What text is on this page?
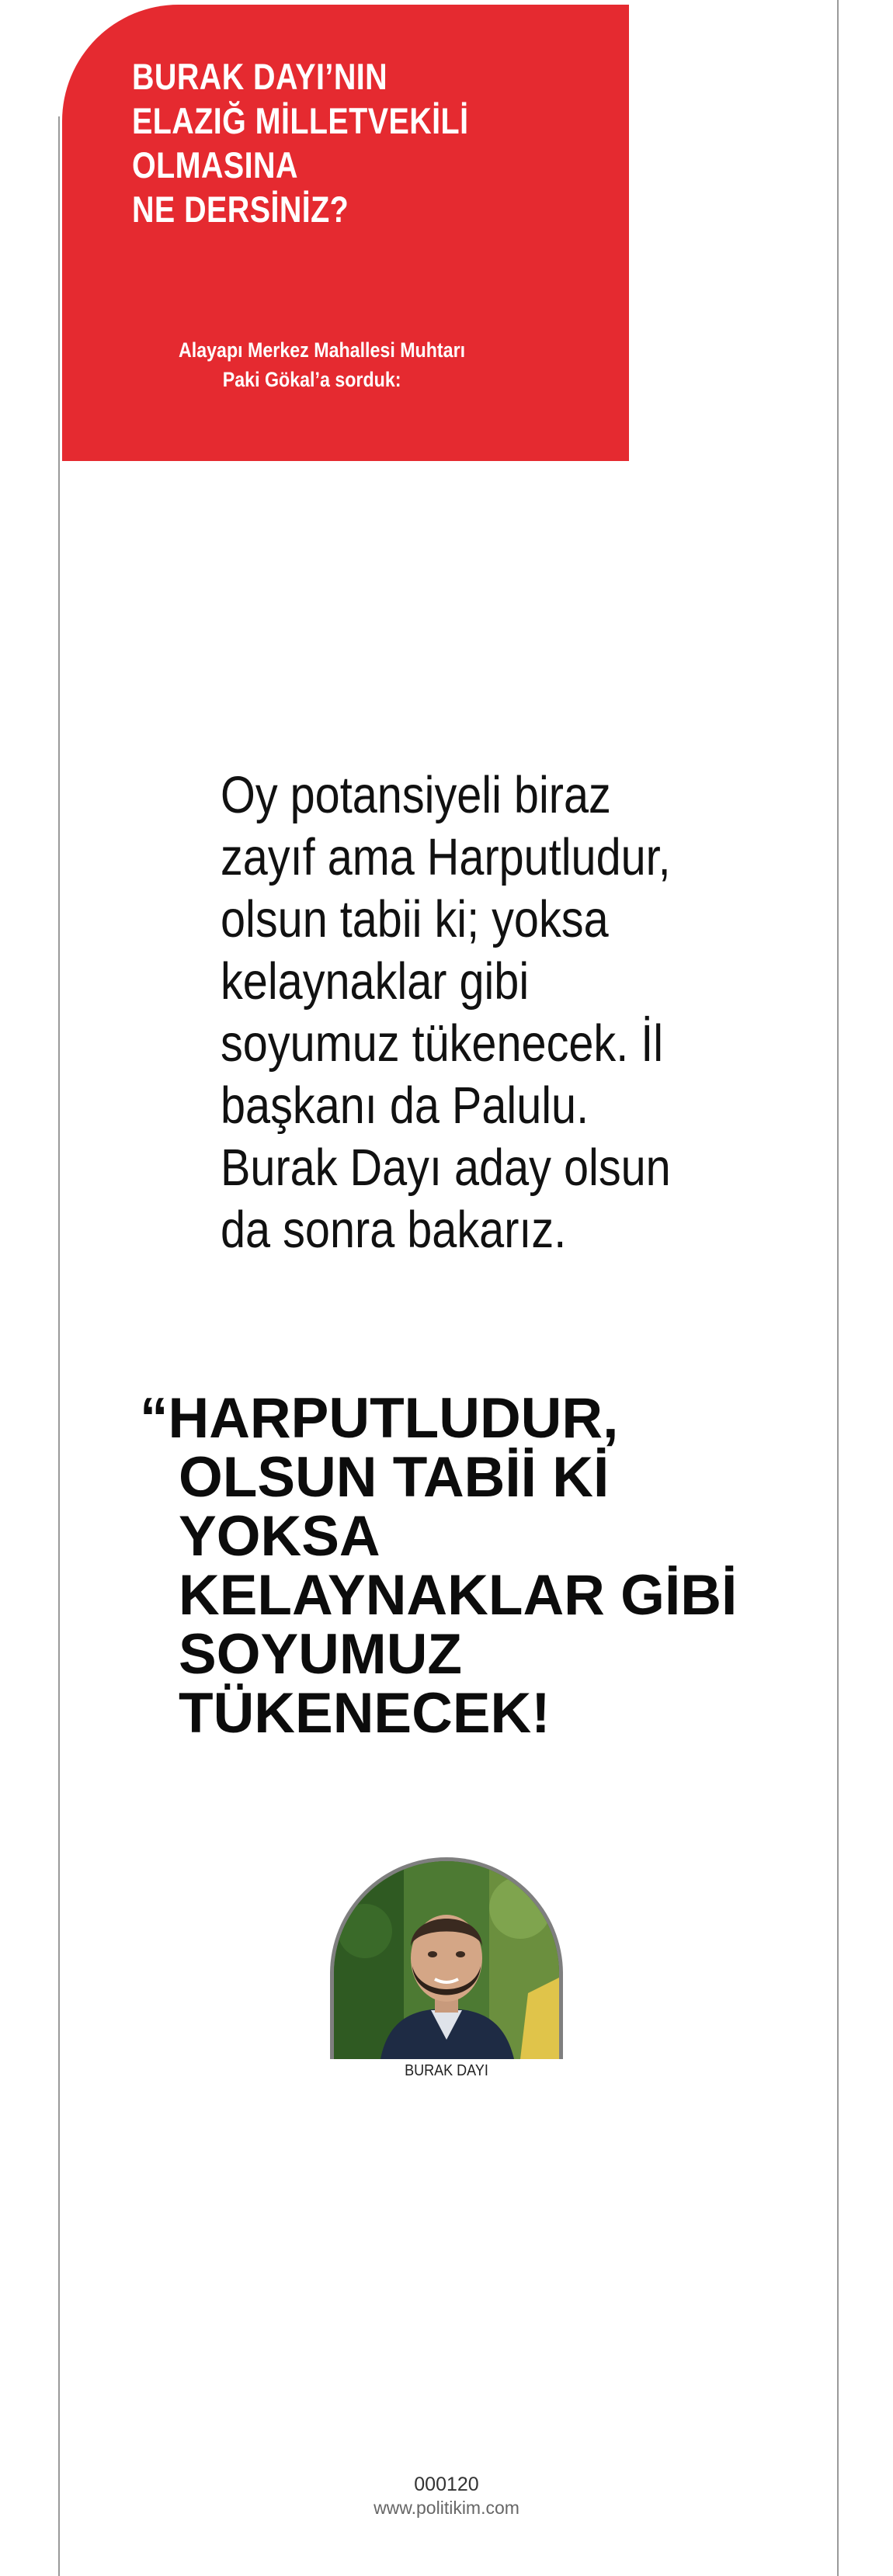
BURAK DAYI’NIN
ELAZIĞ MİLLETVEKİLİ
OLMASINA
NE DERSİNİZ?
Alayapı Merkez Mahallesi Muhtarı
Paki Gökal’a sorduk:
Oy potansiyeli biraz
zayıf ama Harputludur,
olsun tabii ki; yoksa
kelaynaklar gibi
soyumuz tükenecek. İl
başkanı da Palulu.
Burak Dayı aday olsun
da sonra bakarız.
“HARPUTLUDUR,
OLSUN TABİİ Kİ
YOKSA
KELAYNAKLAR GİBİ
SOYUMUZ
TÜKENECEK!
BURAK DAYI
000120
www.politikim.com
